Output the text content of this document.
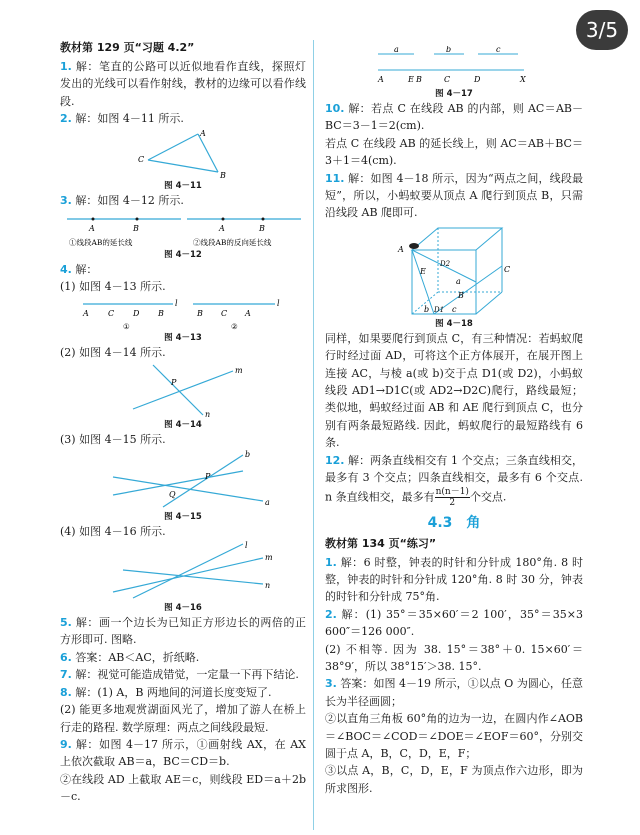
3/5

教材第 129 页“习题 4.2”

1. 解：笔直的公路可以近似地看作直线，探照灯发出的光线可以看作射线，教材的边缘可以看作线段.

2. 解：如图 4－11 所示.

A
C
B

图 4－11

3. 解：如图 4－12 所示.

A	B
①线段AB的延长线
A	B
②线段AB的反向延长线

图 4－12

4. 解：

(1) 如图 4－13 所示.

A C D B
l
①
B C A
l
②

图 4－13

(2) 如图 4－14 所示.

m
P
n

图 4－14

(3) 如图 4－15 所示.

b
P
Q
a

图 4－15

(4) 如图 4－16 所示.

l
m
n

图 4－16

5. 解：画一个边长为已知正方形边长的两倍的正方形即可. 图略.

6. 答案：AB＜AC，折纸略.

7. 解：视觉可能造成错觉，一定量一下再下结论.

8. 解：(1) A，B 两地间的河道长度变短了.

(2) 能更多地观赏湖面风光了，增加了游人在桥上行走的路程. 数学原理：两点之间线段最短.

9. 解：如图 4－17 所示，①画射线 AX，在 AX 上依次截取 AB＝a，BC＝CD＝b.

②在线段 AD 上截取 AE＝c，则线段 ED＝a＋2b－c.

a	b	c
A	E B	C	D	X

图 4－17

10. 解：若点 C 在线段 AB 的内部，则 AC＝AB－BC＝3－1＝2(cm).

若点 C 在线段 AB 的延长线上，则 AC＝AB＋BC＝3＋1＝4(cm).

11. 解：如图 4－18 所示，因为“两点之间，线段最短”，所以，小蚂蚁要从顶点 A 爬行到顶点 B，只需沿线段 AB 爬即可.

A
E
D2
a
B
C
b D1 c

图 4－18

同样，如果要爬行到顶点 C，有三种情况：若蚂蚁爬行时经过面 AD，可将这个正方体展开，在展开图上连接 AC，与棱 a(或 b)交于点 D1(或 D2)，小蚂蚁线段 AD1→D1C(或 AD2→D2C)爬行，路线最短；类似地，蚂蚁经过面 AB 和 AE 爬行到顶点 C，也分别有两条最短路线. 因此，蚂蚁爬行的最短路线有 6 条.

12. 解：两条直线相交有 1 个交点；三条直线相交，最多有 3 个交点；四条直线相交，最多有 6 个交点. n 条直线相交，最多有 $\frac{n(n-1)}{2}$ 个交点.

4.3　角

教材第 134 页“练习”

1. 解：6 时整，钟表的时针和分针成 180°角. 8 时整，钟表的时针和分针成 120°角. 8 时 30 分，钟表的时针和分针成 75°角.

2. 解：(1) 35°＝35×60′＝2 100′，35°＝35×3 600″＝126 000″.

(2) 不相等. 因为 38. 15°＝38°＋0. 15×60′＝38°9′，所以 38°15′＞38. 15°.

3. 答案：如图 4－19 所示，①以点 O 为圆心，任意长为半径画圆；

②以直角三角板 60°角的边为一边，在圆内作∠AOB＝∠BOC＝∠COD＝∠DOE＝∠EOF＝60°，分别交圆于点 A，B，C，D，E，F；

③以点 A，B，C，D，E，F 为顶点作六边形，即为所求图形.
